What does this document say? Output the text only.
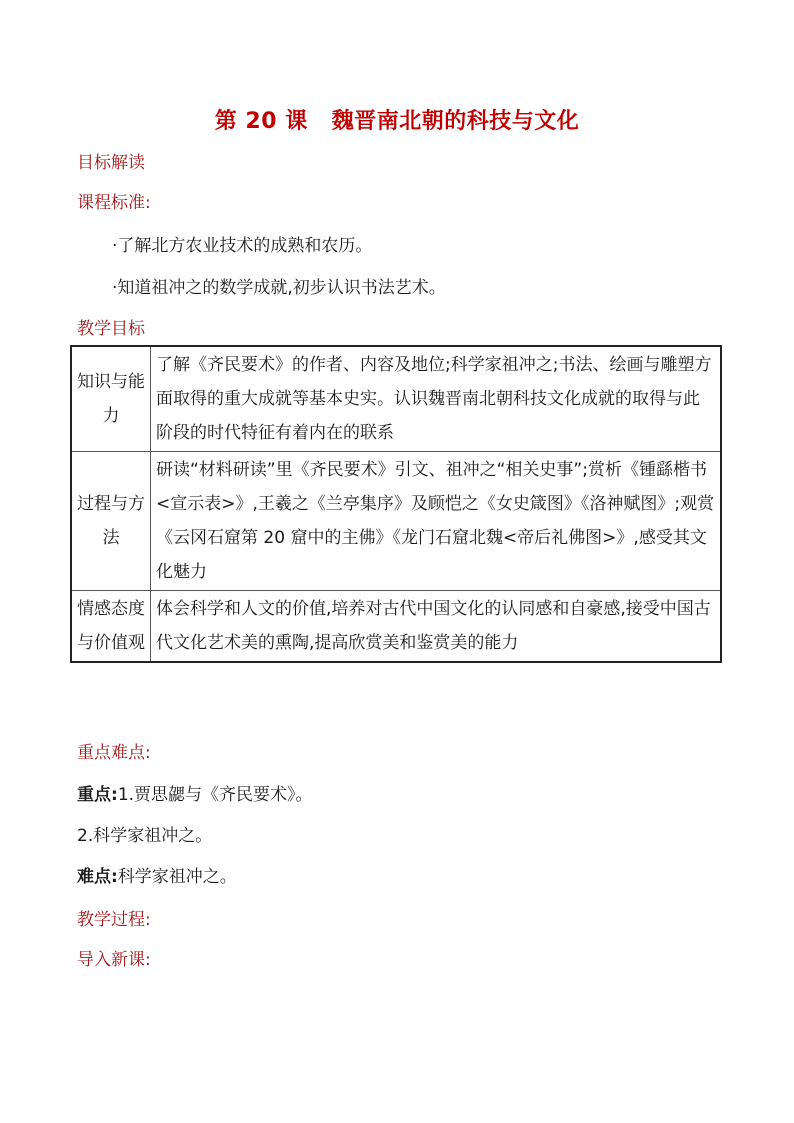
第 20 课 魏晋南北朝的科技与文化
目标解读
课程标准:
·了解北方农业技术的成熟和农历。
·知道祖冲之的数学成就,初步认识书法艺术。
教学目标
知识与能力	了解《齐民要术》的作者、内容及地位;科学家祖冲之;书法、绘画与雕塑方面取得的重大成就等基本史实。认识魏晋南北朝科技文化成就的取得与此阶段的时代特征有着内在的联系
过程与方法	研读“材料研读”里《齐民要术》引文、祖冲之“相关史事”;赏析《锺繇楷书<宣示表>》,王羲之《兰亭集序》及顾恺之《女史箴图》《洛神赋图》;观赏《云冈石窟第 20 窟中的主佛》《龙门石窟北魏<帝后礼佛图>》,感受其文化魅力
情感态度与价值观	体会科学和人文的价值,培养对古代中国文化的认同感和自豪感,接受中国古代文化艺术美的熏陶,提高欣赏美和鉴赏美的能力
重点难点:
重点:1.贾思勰与《齐民要术》。
2.科学家祖冲之。
难点:科学家祖冲之。
教学过程:
导入新课:
